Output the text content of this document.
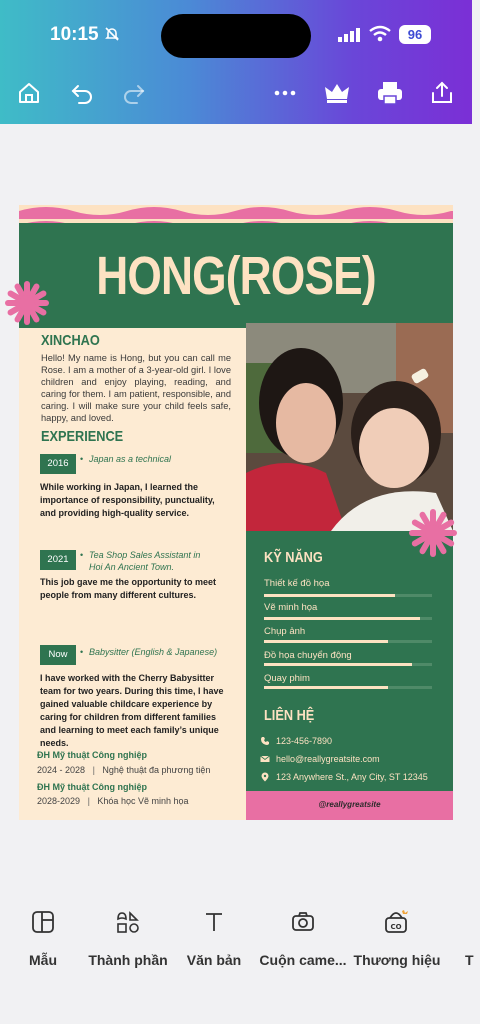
10:15	96
HONG(ROSE)
XINCHAO
Hello! My name is Hong, but you can call me Rose. I am a mother of a 3-year-old girl. I love children and enjoy playing, reading, and caring for them. I am patient, responsible, and caring. I will make sure your child feels safe, happy, and loved.
EXPERIENCE
2016	• Japan as a technical
While working in Japan, I learned the importance of responsibility, punctuality, and providing high-quality service.
2021	• Tea Shop Sales Assistant in Hoi An Ancient Town.
This job gave me the opportunity to meet people from many different cultures.
Now	• Babysitter (English & Japanese)
I have worked with the Cherry Babysitter team for two years. During this time, I have gained valuable childcare experience by caring for children from different families and learning to meet each family’s unique needs.
ĐH Mỹ thuật Công nghiệp
2024 - 2028 | Nghệ thuật đa phương tiện
ĐH Mỹ thuật Công nghiệp
2028-2029 | Khóa học Vẽ minh họa
KỸ NĂNG
Thiết kế đồ họa
Vẽ minh họa
Chụp ảnh
Đồ họa chuyển động
Quay phim
LIÊN HỆ
123-456-7890
hello@reallygreatsite.com
123 Anywhere St., Any City, ST 12345
@reallygreatsite
Mẫu	Thành phần	Văn bản	Cuộn came...
CO
Thương hiệu T
